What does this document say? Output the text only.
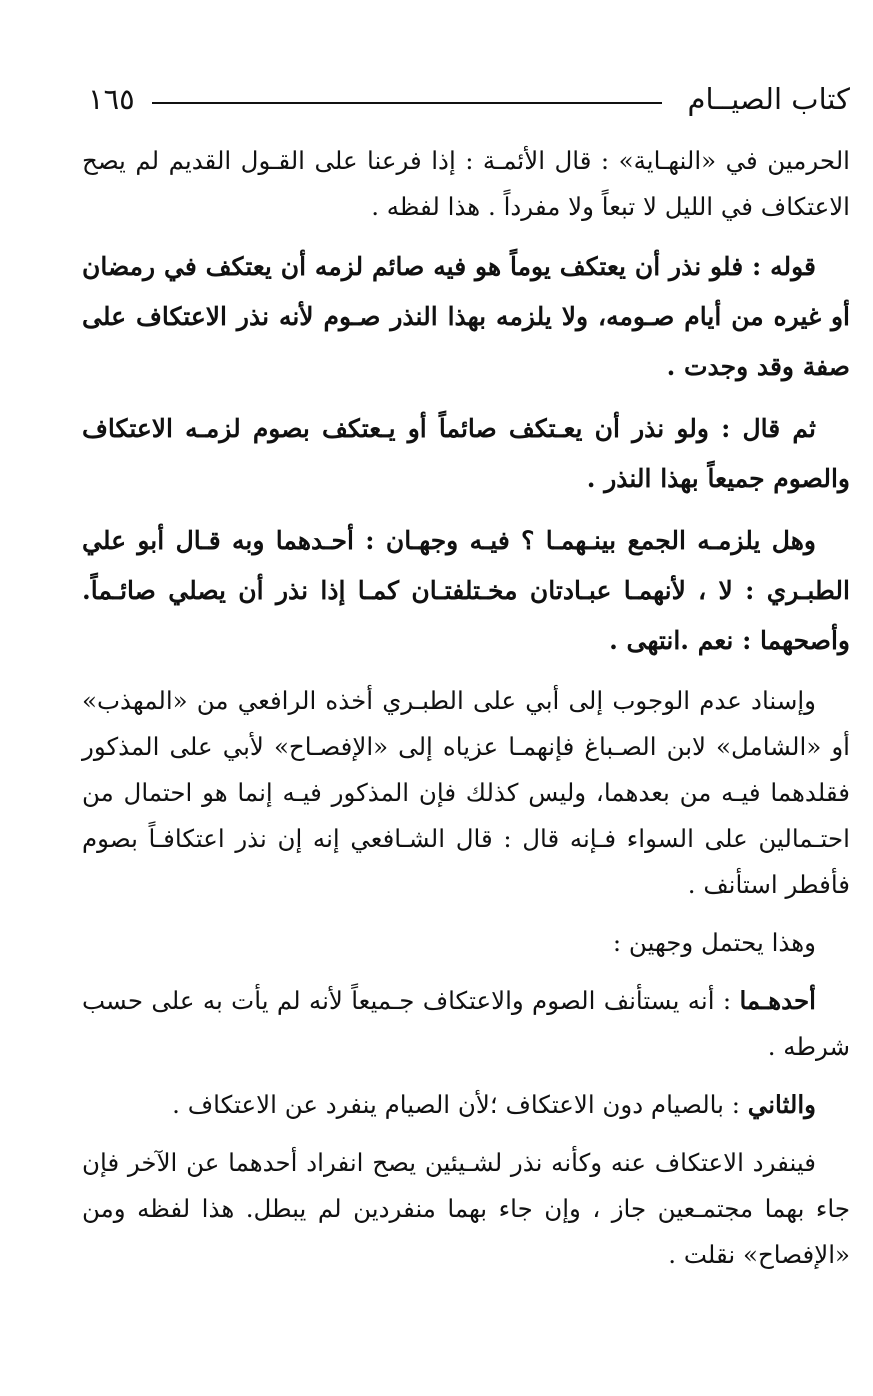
كتاب الصيــام
١٦٥

الحرمين في «النهـاية» : قال الأئمـة : إذا فرعنا على القـول القديم لم يصح الاعتكاف في الليل لا تبعاً ولا مفرداً . هذا لفظه .

قوله : فلو نذر أن يعتكف يوماً هو فيه صائم لزمه أن يعتكف في رمضان أو غيره من أيام صـومه، ولا يلزمه بهذا النذر صـوم لأنه نذر الاعتكاف على صفة وقد وجدت .

ثم قال : ولو نذر أن يعـتكف صائماً أو يـعتكف بصوم لزمـه الاعتكاف والصوم جميعاً بهذا النذر .

وهل يلزمـه الجمع بينـهمـا ؟ فيـه وجهـان : أحـدهما وبه قـال أبو علي الطبـري : لا ، لأنهمـا عبـادتان مخـتلفتـان كمـا إذا نذر أن يصلي صائـماً. وأصحهما : نعم .انتهى .

وإسناد عدم الوجوب إلى أبي على الطبـري أخذه الرافعي من «المهذب» أو «الشامل» لابن الصـباغ فإنهمـا عزياه إلى «الإفصـاح» لأبي على المذكور فقلدهما فيـه من بعدهما، وليس كذلك فإن المذكور فيـه إنما هو احتمال من احتـمالين على السواء فـإنه قال : قال الشـافعي إنه إن نذر اعتكافـاً بصوم فأفطر استأنف .

وهذا يحتمل وجهين :

أحدهـما : أنه يستأنف الصوم والاعتكاف جـميعاً لأنه لم يأت به على حسب شرطه .

والثاني : بالصيام دون الاعتكاف ؛لأن الصيام ينفرد عن الاعتكاف .

فينفرد الاعتكاف عنه وكأنه نذر لشـيئين يصح انفراد أحدهما عن الآخر فإن جاء بهما مجتمـعين جاز ، وإن جاء بهما منفردين لم يبطل. هذا لفظه ومن «الإفصاح» نقلت .
